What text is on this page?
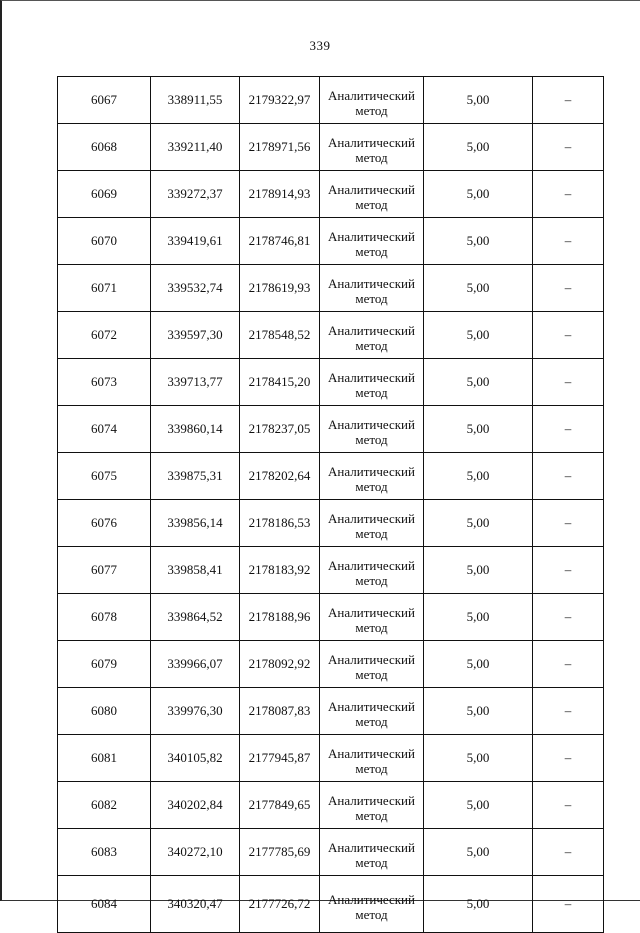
339
6067	338911,55	2179322,97	Аналитический метод	5,00	–
6068	339211,40	2178971,56	Аналитический метод	5,00	–
6069	339272,37	2178914,93	Аналитический метод	5,00	–
6070	339419,61	2178746,81	Аналитический метод	5,00	–
6071	339532,74	2178619,93	Аналитический метод	5,00	–
6072	339597,30	2178548,52	Аналитический метод	5,00	–
6073	339713,77	2178415,20	Аналитический метод	5,00	–
6074	339860,14	2178237,05	Аналитический метод	5,00	–
6075	339875,31	2178202,64	Аналитический метод	5,00	–
6076	339856,14	2178186,53	Аналитический метод	5,00	–
6077	339858,41	2178183,92	Аналитический метод	5,00	–
6078	339864,52	2178188,96	Аналитический метод	5,00	–
6079	339966,07	2178092,92	Аналитический метод	5,00	–
6080	339976,30	2178087,83	Аналитический метод	5,00	–
6081	340105,82	2177945,87	Аналитический метод	5,00	–
6082	340202,84	2177849,65	Аналитический метод	5,00	–
6083	340272,10	2177785,69	Аналитический метод	5,00	–
6084	340320,47	2177726,72	Аналитический метод	5,00	–
